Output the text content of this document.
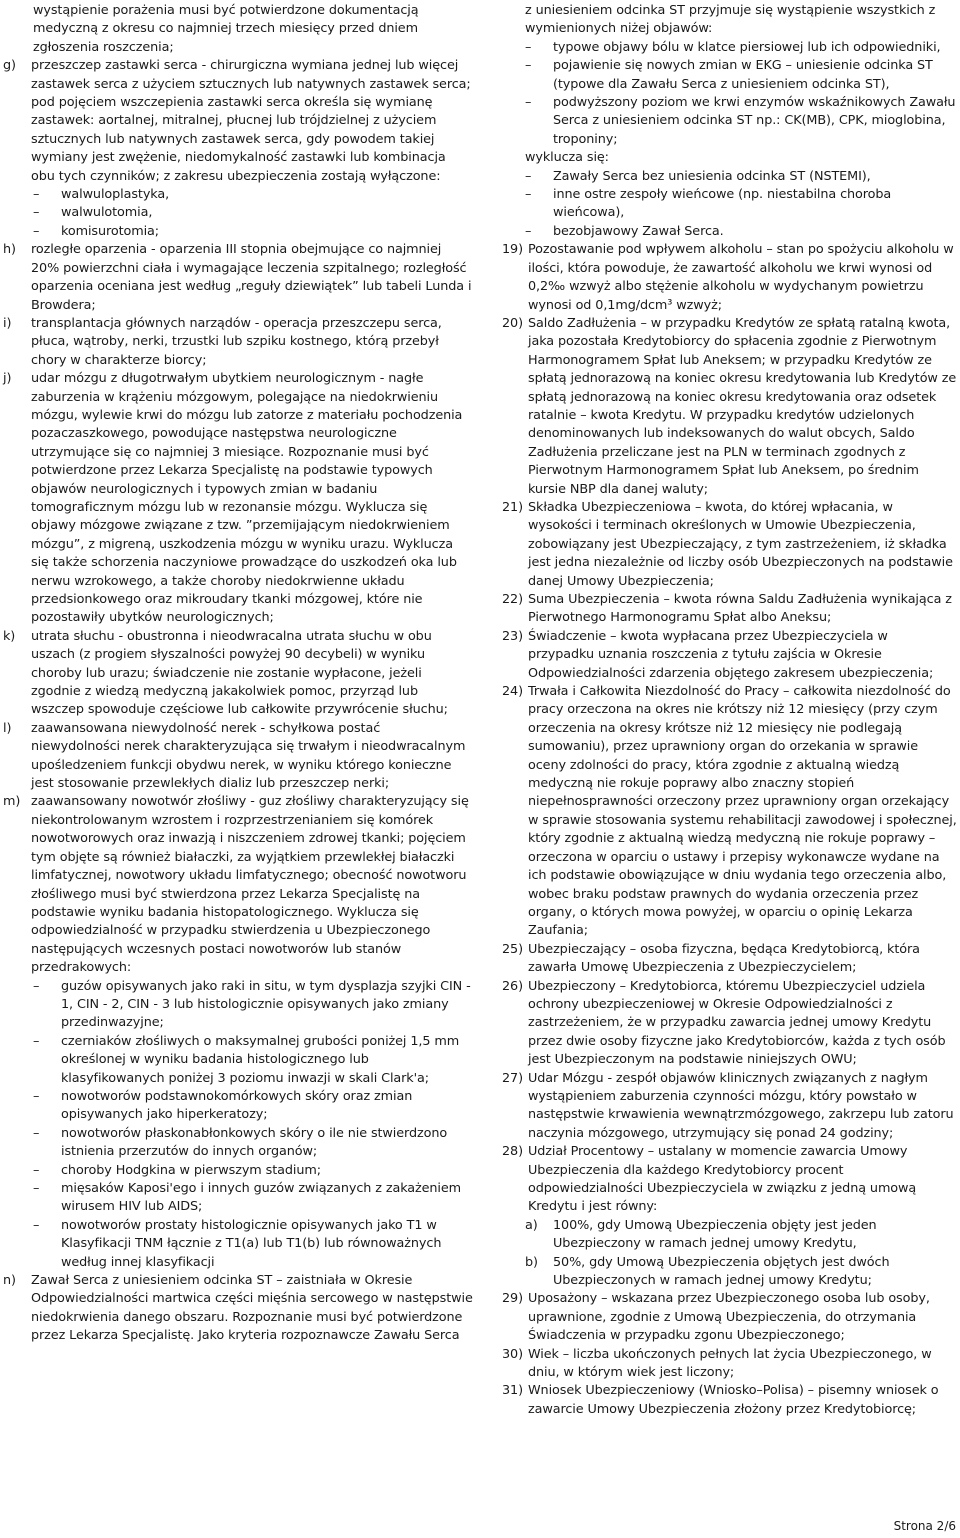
wystąpienie porażenia musi być potwierdzone dokumentacją medyczną z okresu co najmniej trzech miesięcy przed dniem zgłoszenia roszczenia;

g)	przeszczep zastawki serca - chirurgiczna wymiana jednej lub więcej zastawek serca z użyciem sztucznych lub natywnych zastawek serca; pod pojęciem wszczepienia zastawki serca określa się wymianę zastawek: aortalnej, mitralnej, płucnej lub trójdzielnej z użyciem sztucznych lub natywnych zastawek serca, gdy powodem takiej wymiany jest zwężenie, niedomykalność zastawki lub kombinacja obu tych czynników; z zakresu ubezpieczenia zostają wyłączone:

–	walwuloplastyka,
–	walwulotomia,
–	komisurotomia;
h)	rozległe oparzenia - oparzenia III stopnia obejmujące co najmniej 20% powierzchni ciała i wymagające leczenia szpitalnego; rozległość oparzenia oceniana jest według „reguły dziewiątek” lub tabeli Lunda i Browdera;

i)	transplantacja głównych narządów - operacja przeszczepu serca, płuca, wątroby, nerki, trzustki lub szpiku kostnego, którą przebył chory w charakterze biorcy;

j)	udar mózgu z długotrwałym ubytkiem neurologicznym - nagłe zaburzenia w krążeniu mózgowym, polegające na niedokrwieniu mózgu, wylewie krwi do mózgu lub zatorze z materiału pochodzenia pozaczaszkowego, powodujące następstwa neurologiczne utrzymujące się co najmniej 3 miesiące. Rozpoznanie musi być potwierdzone przez Lekarza Specjalistę na podstawie typowych objawów neurologicznych i typowych zmian w badaniu tomograficznym mózgu lub w rezonansie mózgu. Wyklucza się objawy mózgowe związane z tzw. ”przemijającym niedokrwieniem mózgu”, z migreną, uszkodzenia mózgu w wyniku urazu. Wyklucza się także schorzenia naczyniowe prowadzące do uszkodzeń oka lub nerwu wzrokowego, a także choroby niedokrwienne układu przedsionkowego oraz mikroudary tkanki mózgowej, które nie pozostawiły ubytków neurologicznych;

k)	utrata słuchu - obustronna i nieodwracalna utrata słuchu w obu uszach (z progiem słyszalności powyżej 90 decybeli) w wyniku choroby lub urazu; świadczenie nie zostanie wypłacone, jeżeli zgodnie z wiedzą medyczną jakakolwiek pomoc, przyrząd lub wszczep spowoduje częściowe lub całkowite przywrócenie słuchu;

l)	zaawansowana niewydolność nerek - schyłkowa postać niewydolności nerek charakteryzująca się trwałym i nieodwracalnym upośledzeniem funkcji obydwu nerek, w wyniku którego konieczne jest stosowanie przewlekłych dializ lub przeszczep nerki;

m) zaawansowany nowotwór złośliwy - guz złośliwy charakteryzujący się niekontrolowanym wzrostem i rozprzestrzenianiem się komórek nowotworowych oraz inwazją i niszczeniem zdrowej tkanki; pojęciem tym objęte są również białaczki, za wyjątkiem przewlekłej białaczki limfatycznej, nowotwory układu limfatycznego; obecność nowotworu złośliwego musi być stwierdzona przez Lekarza Specjalistę na podstawie wyniku badania histopatologicznego. Wyklucza się odpowiedzialność w przypadku stwierdzenia u Ubezpieczonego następujących wczesnych postaci nowotworów lub stanów przedrakowych:

–	guzów opisywanych jako raki in situ, w tym dysplazja szyjki CIN - 1, CIN - 2, CIN - 3 lub histologicznie opisywanych jako zmiany przedinwazyjne;
–	czerniaków złośliwych o maksymalnej grubości poniżej 1,5 mm określonej w wyniku badania histologicznego lub klasyfikowanych poniżej 3 poziomu inwazji w skali Clark'a;
–	nowotworów podstawnokomórkowych skóry oraz zmian opisywanych jako hiperkeratozy;
–	nowotworów płaskonabłonkowych skóry o ile nie stwierdzono istnienia przerzutów do innych organów;
–	choroby Hodgkina w pierwszym stadium;
–	mięsaków Kaposi'ego i innych guzów związanych z zakażeniem wirusem HIV lub AIDS;
–	nowotworów prostaty histologicznie opisywanych jako T1 w Klasyfikacji TNM łącznie z T1(a) lub T1(b) lub równoważnych według innej klasyfikacji
n)	Zawał Serca z uniesieniem odcinka ST – zaistniała w Okresie Odpowiedzialności martwica części mięśnia sercowego w następstwie niedokrwienia danego obszaru. Rozpoznanie musi być potwierdzone przez Lekarza Specjalistę. Jako kryteria rozpoznawcze Zawału Serca

z uniesieniem odcinka ST przyjmuje się wystąpienie wszystkich z wymienionych niżej objawów:

–	typowe objawy bólu w klatce piersiowej lub ich odpowiedniki,
–	pojawienie się nowych zmian w EKG – uniesienie odcinka ST (typowe dla Zawału Serca z uniesieniem odcinka ST),
–	podwyższony poziom we krwi enzymów wskaźnikowych Zawału Serca z uniesieniem odcinka ST np.: CK(MB), CPK, mioglobina, troponiny;

wyklucza się:

–	Zawały Serca bez uniesienia odcinka ST (NSTEMI),
–	inne ostre zespoły wieńcowe (np. niestabilna choroba wieńcowa),
–	bezobjawowy Zawał Serca.
19) Pozostawanie pod wpływem alkoholu – stan po spożyciu alkoholu w ilości, która powoduje, że zawartość alkoholu we krwi wynosi od 0,2‰ wzwyż albo stężenie alkoholu w wydychanym powietrzu wynosi od 0,1mg/dcm³ wzwyż;

20) Saldo Zadłużenia – w przypadku Kredytów ze spłatą ratalną kwota, jaka pozostała Kredytobiorcy do spłacenia zgodnie z Pierwotnym Harmonogramem Spłat lub Aneksem; w przypadku Kredytów ze spłatą jednorazową na koniec okresu kredytowania lub Kredytów ze spłatą jednorazową na koniec okresu kredytowania oraz odsetek ratalnie – kwota Kredytu. W przypadku kredytów udzielonych denominowanych lub indeksowanych do walut obcych, Saldo Zadłużenia przeliczane jest na PLN w terminach zgodnych z Pierwotnym Harmonogramem Spłat lub Aneksem, po średnim kursie NBP dla danej waluty;

21) Składka Ubezpieczeniowa – kwota, do której wpłacania, w wysokości i terminach określonych w Umowie Ubezpieczenia, zobowiązany jest Ubezpieczający, z tym zastrzeżeniem, iż składka jest jedna niezależnie od liczby osób Ubezpieczonych na podstawie danej Umowy Ubezpieczenia;

22) Suma Ubezpieczenia – kwota równa Saldu Zadłużenia wynikająca z Pierwotnego Harmonogramu Spłat albo Aneksu;

23) Świadczenie – kwota wypłacana przez Ubezpieczyciela w przypadku uznania roszczenia z tytułu zajścia w Okresie Odpowiedzialności zdarzenia objętego zakresem ubezpieczenia;

24) Trwała i Całkowita Niezdolność do Pracy – całkowita niezdolność do pracy orzeczona na okres nie krótszy niż 12 miesięcy (przy czym orzeczenia na okresy krótsze niż 12 miesięcy nie podlegają sumowaniu), przez uprawniony organ do orzekania w sprawie oceny zdolności do pracy, która zgodnie z aktualną wiedzą medyczną nie rokuje poprawy albo znaczny stopień niepełnosprawności orzeczony przez uprawniony organ orzekający w sprawie stosowania systemu rehabilitacji zawodowej i społecznej, który zgodnie z aktualną wiedzą medyczną nie rokuje poprawy – orzeczona w oparciu o ustawy i przepisy wykonawcze wydane na ich podstawie obowiązujące w dniu wydania tego orzeczenia albo, wobec braku podstaw prawnych do wydania orzeczenia przez organy, o których mowa powyżej, w oparciu o opinię Lekarza Zaufania;

25) Ubezpieczający – osoba fizyczna, będąca Kredytobiorcą, która zawarła Umowę Ubezpieczenia z Ubezpieczycielem;

26) Ubezpieczony – Kredytobiorca, któremu Ubezpieczyciel udziela ochrony ubezpieczeniowej w Okresie Odpowiedzialności z zastrzeżeniem, że w przypadku zawarcia jednej umowy Kredytu przez dwie osoby fizyczne jako Kredytobiorców, każda z tych osób jest Ubezpieczonym na podstawie niniejszych OWU;

27) Udar Mózgu - zespół objawów klinicznych związanych z nagłym wystąpieniem zaburzenia czynności mózgu, który powstało w następstwie krwawienia wewnątrzmózgowego, zakrzepu lub zatoru naczynia mózgowego, utrzymujący się ponad 24 godziny;

28) Udział Procentowy – ustalany w momencie zawarcia Umowy Ubezpieczenia dla każdego Kredytobiorcy procent odpowiedzialności Ubezpieczyciela w związku z jedną umową Kredytu i jest równy:

a)	100%, gdy Umową Ubezpieczenia objęty jest jeden Ubezpieczony w ramach jednej umowy Kredytu,

b)	50%, gdy Umową Ubezpieczenia objętych jest dwóch Ubezpieczonych w ramach jednej umowy Kredytu;

29) Uposażony – wskazana przez Ubezpieczonego osoba lub osoby, uprawnione, zgodnie z Umową Ubezpieczenia, do otrzymania Świadczenia w przypadku zgonu Ubezpieczonego;

30) Wiek – liczba ukończonych pełnych lat życia Ubezpieczonego, w dniu, w którym wiek jest liczony;

31) Wniosek Ubezpieczeniowy (Wniosko–Polisa) – pisemny wniosek o zawarcie Umowy Ubezpieczenia złożony przez Kredytobiorcę;

Strona 2/6
